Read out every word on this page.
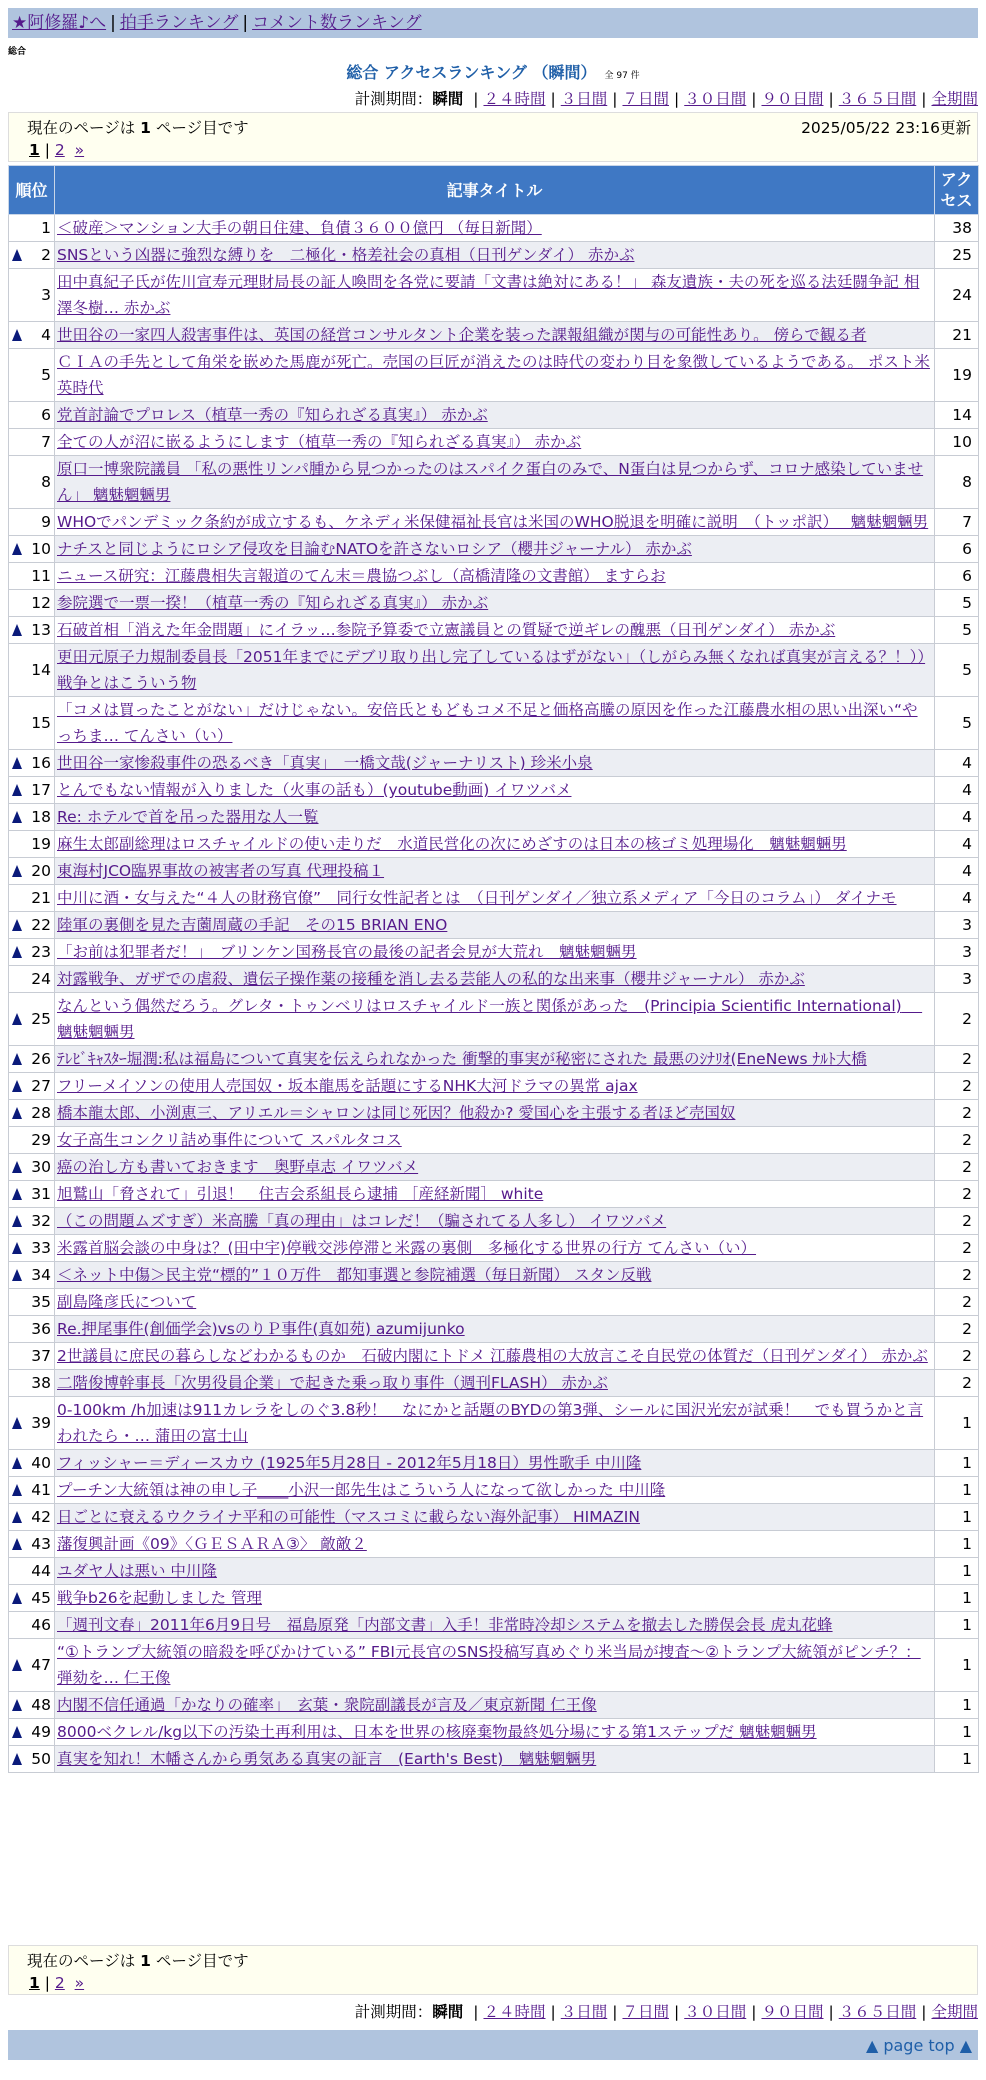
★阿修羅♪へ | 拍手ランキング | コメント数ランキング
総合
総合 アクセスランキング （瞬間） 全 97 件
計測期間：瞬間 | ２４時間 | ３日間 | ７日間 | ３０日間 | ９０日間 | ３６５日間 | 全期間
現在のページは 1 ページ目です	2025/05/22 23:16更新
1 | 2 »
順位	記事タイトル	アクセス
1	＜破産＞マンション大手の朝日住建、負債３６００億円 （毎日新聞）	38

2	SNSという凶器に強烈な縛りを　二極化・格差社会の真相（日刊ゲンダイ） 赤かぶ	25
3	田中真紀子氏が佐川宣寿元理財局長の証人喚問を各党に要請「文書は絶対にある！」 森友遺族・夫の死を巡る法廷闘争記 相澤冬樹… 赤かぶ	24

4	世田谷の一家四人殺害事件は、英国の経営コンサルタント企業を装った課報組織が関与の可能性あり。 傍らで観る者	21
5	ＣＩＡの手先として角栄を嵌めた馬鹿が死亡。売国の巨匠が消えたのは時代の変わり目を象徴しているようである。 ポスト米英時代	19
6	党首討論でプロレス（植草一秀の『知られざる真実』） 赤かぶ	14
7	全ての人が沼に嵌るようにします（植草一秀の『知られざる真実』） 赤かぶ	10
8	原口一博衆院議員 「私の悪性リンパ腫から見つかったのはスパイク蛋白のみで、N蛋白は見つからず、コロナ感染していません」 魑魅魍魎男	8
9	WHOでパンデミック条約が成立するも、ケネディ米保健福祉長官は米国のWHO脱退を明確に説明　（トッポ訳）　 魑魅魍魎男	7

10	ナチスと同じようにロシア侵攻を目論むNATOを許さないロシア（櫻井ジャーナル） 赤かぶ	6
11	ニュース研究：江藤農相失言報道のてん末＝農協つぶし（高橋清隆の文書館） ますらお	6
12	参院選で一票一揆！（植草一秀の『知られざる真実』） 赤かぶ	5

13	石破首相「消えた年金問題」にイラッ…参院予算委で立憲議員との質疑で逆ギレの醜悪（日刊ゲンダイ） 赤かぶ	5
14	更田元原子力規制委員長「2051年までにデブリ取り出し完了しているはずがない」（しがらみ無くなれば真実が言える？！））戦争とはこういう物	5
15	「コメは買ったことがない」だけじゃない。安倍氏ともどもコメ不足と価格高騰の原因を作った江藤農水相の思い出深い“やっちま… てんさい（い）	5

16	世田谷一家惨殺事件の恐るべき「真実」　一橋文哉(ジャーナリスト) 珍米小泉	4

17	とんでもない情報が入りました（火事の話も）(youtube動画) イワツバメ	4

18	Re: ホテルで首を吊った器用な人一覧	4
19	麻生太郎副総理はロスチャイルドの使い走りだ　水道民営化の次にめざすのは日本の核ゴミ処理場化　魑魅魍魎男	4

20	東海村JCO臨界事故の被害者の写真 代理投稿１	4
21	中川に酒・女与えた“４人の財務官僚”　同行女性記者とは　（日刊ゲンダイ／独立系メディア「今日のコラム」） ダイナモ	4

22	陸軍の裏側を見た吉薗周蔵の手記　その15 BRIAN ENO	3

23	「お前は犯罪者だ！」　ブリンケン国務長官の最後の記者会見が大荒れ　魑魅魍魎男	3
24	対露戦争、ガザでの虐殺、遺伝子操作薬の接種を消し去る芸能人の私的な出来事（櫻井ジャーナル） 赤かぶ	3

25	なんという偶然だろう。グレタ・トゥンベリはロスチャイルド一族と関係があった　(Principia Scientific International)　 魑魅魍魎男	2

26	ﾃﾚﾋﾞｷｬｽﾀｰ堀潤:私は福島について真実を伝えられなかった 衝撃的事実が秘密にされた 最悪のｼﾅﾘｵ(EneNews ﾅﾙﾄ大橋	2

27	フリーメイソンの使用人売国奴・坂本龍馬を話題にするNHK大河ドラマの異常 ajax	2

28	橋本龍太郎、小渕恵三、アリエル＝シャロンは同じ死因？他殺か? 愛国心を主張する者ほど売国奴	2
29	女子高生コンクリ詰め事件について スパルタコス	2

30	癌の治し方も書いておきます　奥野卓志 イワツバメ	2

31	旭鷲山「脅されて」引退！　住吉会系組長ら逮捕 ［産経新聞］ white	2

32	（この問題ムズすぎ）米高騰「真の理由」はコレだ！（騙されてる人多し） イワツバメ	2

33	米露首脳会談の中身は？(田中宇)停戦交渉停滞と米露の裏側　多極化する世界の行方 てんさい（い）	2

34	＜ネット中傷＞民主党“標的”１０万件　都知事選と参院補選（毎日新聞） スタン反戦	2
35	副島隆彦氏について	2
36	Re.押尾事件(創価学会)vsのりＰ事件(真如苑) azumijunko	2
37	2世議員に庶民の暮らしなどわかるものか　石破内閣にトドメ 江藤農相の大放言こそ自民党の体質だ（日刊ゲンダイ） 赤かぶ	2
38	二階俊博幹事長「次男役員企業」で起きた乗っ取り事件（週刊FLASH） 赤かぶ	2

39	0-100km /h加速は911カレラをしのぐ3.8秒！　なにかと話題のBYDの第3弾、シールに国沢光宏が試乗！　でも買うかと言われたら・… 蒲田の富士山	1

40	フィッシャー＝ディースカウ (1925年5月28日 - 2012年5月18日）男性歌手 中川隆	1

41	プーチン大統領は神の申し子____小沢一郎先生はこういう人になって欲しかった 中川隆	1

42	日ごとに衰えるウクライナ平和の可能性（マスコミに載らない海外記事） HIMAZIN	1

43	藩復興計画《09》〈ＧＥＳＡＲＡ③〉 敵敵２	1
44	ユダヤ人は悪い 中川隆	1

45	戦争b26を起動しました 管理	1
46	「週刊文春」2011年6月9日号　福島原発「内部文書」入手！非常時冷却システムを撤去した勝俣会長 虎丸花蜂	1

47	“①トランプ大統領の暗殺を呼びかけている” FBI元長官のSNS投稿写真めぐり米当局が捜査～②トランプ大統領がピンチ？：弾劾を… 仁王像	1

48	内閣不信任通過「かなりの確率」　玄葉・衆院副議長が言及／東京新聞 仁王像	1

49	8000ベクレル/kg以下の汚染土再利用は、日本を世界の核廃棄物最終処分場にする第1ステップだ 魑魅魍魎男	1

50	真実を知れ！木幡さんから勇気ある真実の証言　(Earth's Best)　魑魅魍魎男	1
現在のページは 1 ページ目です
1 | 2 »
計測期間：瞬間 | ２４時間 | ３日間 | ７日間 | ３０日間 | ９０日間 | ３６５日間 | 全期間
▲ page top ▲
